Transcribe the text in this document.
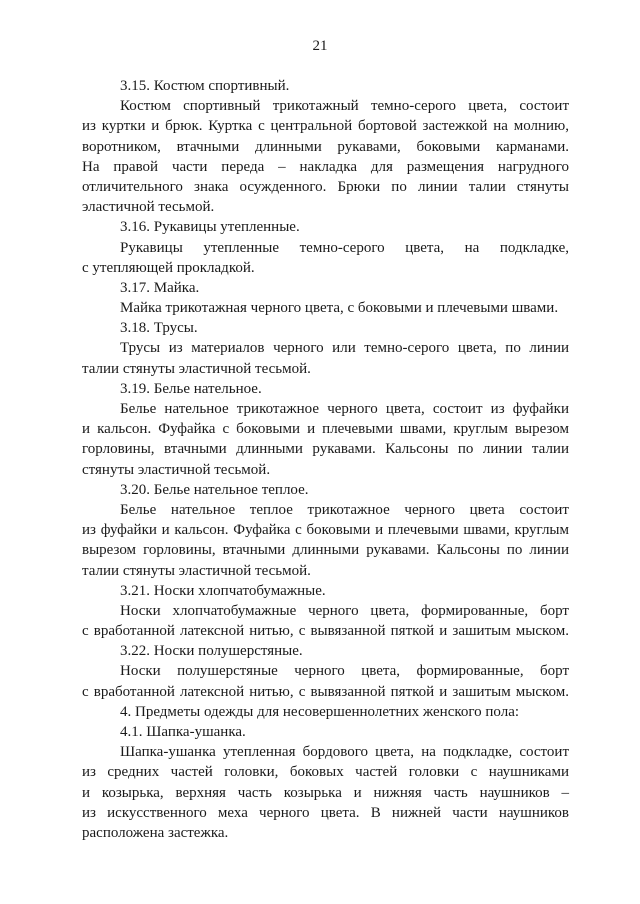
21
3.15. Костюм спортивный.
Костюм спортивный трикотажный темно-серого цвета, состоит
из куртки и брюк. Куртка с центральной бортовой застежкой на молнию,
воротником, втачными длинными рукавами, боковыми карманами.
На правой части переда – накладка для размещения нагрудного
отличительного знака осужденного. Брюки по линии талии стянуты
эластичной тесьмой.
3.16. Рукавицы утепленные.
Рукавицы утепленные темно-серого цвета, на подкладке,
с утепляющей прокладкой.
3.17. Майка.
Майка трикотажная черного цвета, с боковыми и плечевыми швами.
3.18. Трусы.
Трусы из материалов черного или темно-серого цвета, по линии
талии стянуты эластичной тесьмой.
3.19. Белье нательное.
Белье нательное трикотажное черного цвета, состоит из фуфайки
и кальсон. Фуфайка с боковыми и плечевыми швами, круглым вырезом
горловины, втачными длинными рукавами. Кальсоны по линии талии
стянуты эластичной тесьмой.
3.20. Белье нательное теплое.
Белье нательное теплое трикотажное черного цвета состоит
из фуфайки и кальсон. Фуфайка с боковыми и плечевыми швами, круглым
вырезом горловины, втачными длинными рукавами. Кальсоны по линии
талии стянуты эластичной тесьмой.
3.21. Носки хлопчатобумажные.
Носки хлопчатобумажные черного цвета, формированные, борт
с вработанной латексной нитью, с вывязанной пяткой и зашитым мыском.
3.22. Носки полушерстяные.
Носки полушерстяные черного цвета, формированные, борт
с вработанной латексной нитью, с вывязанной пяткой и зашитым мыском.
4. Предметы одежды для несовершеннолетних женского пола:
4.1. Шапка-ушанка.
Шапка-ушанка утепленная бордового цвета, на подкладке, состоит
из средних частей головки, боковых частей головки с наушниками
и козырька, верхняя часть козырька и нижняя часть наушников –
из искусственного меха черного цвета. В нижней части наушников
расположена застежка.
